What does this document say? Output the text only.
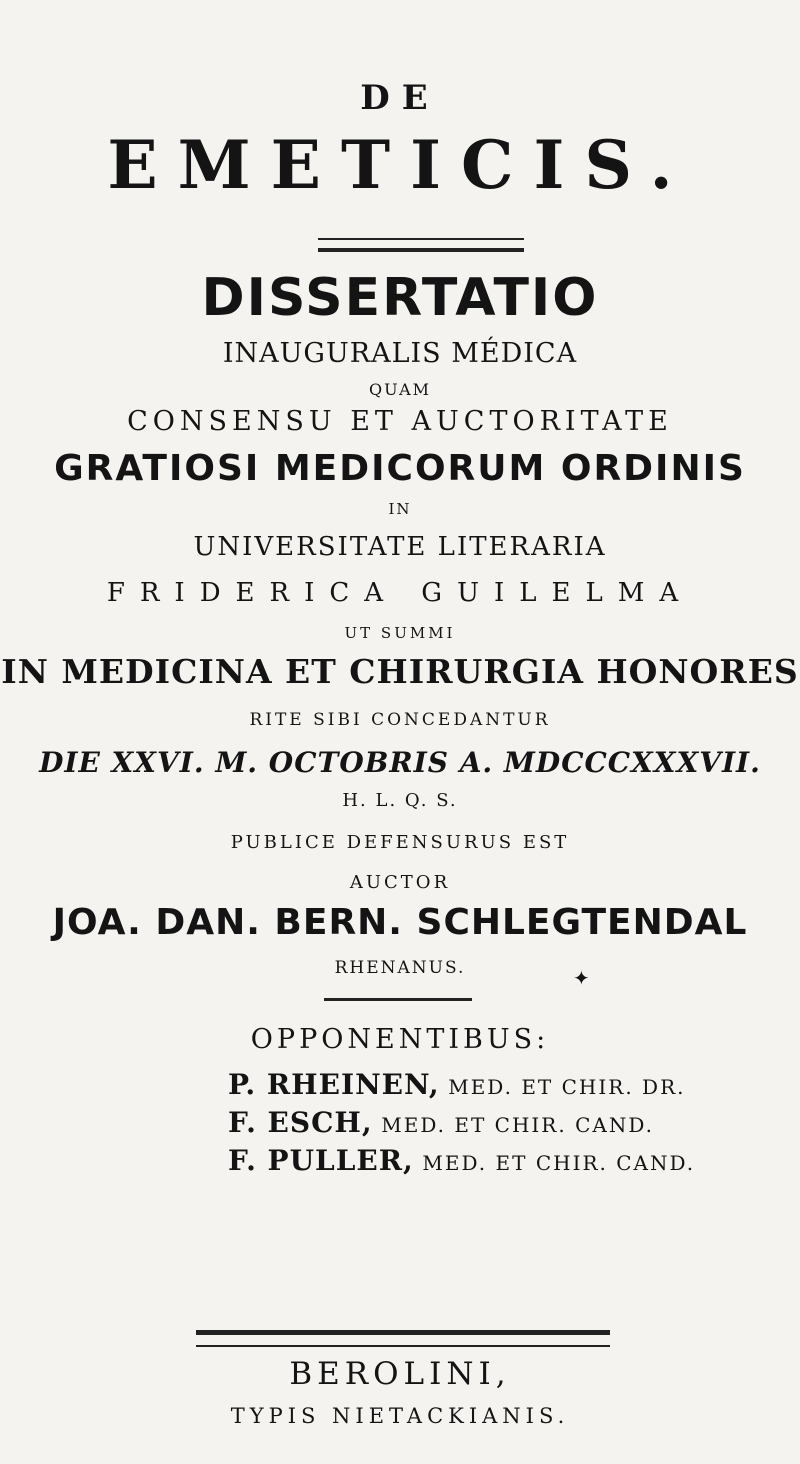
DE
EMETICIS.
DISSERTATIO
INAUGURALIS MÉDICA
QUAM
CONSENSU ET AUCTORITATE
GRATIOSI MEDICORUM ORDINIS
IN
UNIVERSITATE LITERARIA
FRIDERICA GUILELMA
UT SUMMI
IN MEDICINA ET CHIRURGIA HONORES
RITE SIBI CONCEDANTUR
DIE XXVI. M. OCTOBRIS A. MDCCCXXXVII.
H. L. Q. S.
PUBLICE DEFENSURUS EST
AUCTOR
JOA. DAN. BERN. SCHLEGTENDAL
RHENANUS.	✦
OPPONENTIBUS:
P. RHEINEN, MED. ET CHIR. DR.
F. ESCH, MED. ET CHIR. CAND.
F. PULLER, MED. ET CHIR. CAND.
BEROLINI,
TYPIS NIETACKIANIS.
